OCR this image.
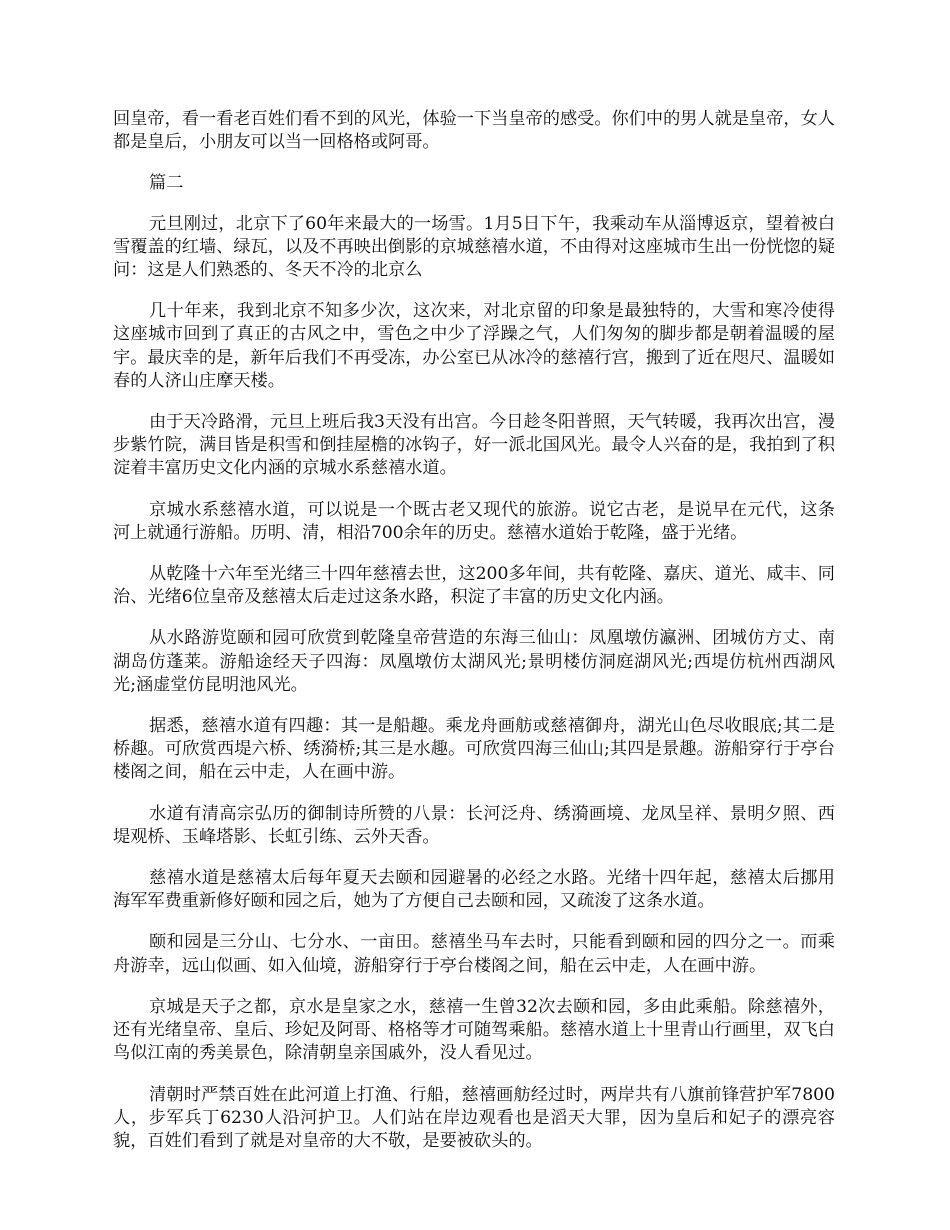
回皇帝，看一看老百姓们看不到的风光，体验一下当皇帝的感受。你们中的男人就是皇帝，女人都是皇后，小朋友可以当一回格格或阿哥。

篇二

元旦刚过，北京下了60年来最大的一场雪。1月5日下午，我乘动车从淄博返京，望着被白雪覆盖的红墙、绿瓦，以及不再映出倒影的京城慈禧水道，不由得对这座城市生出一份恍惚的疑问：这是人们熟悉的、冬天不冷的北京么

几十年来，我到北京不知多少次，这次来，对北京留的印象是最独特的，大雪和寒冷使得这座城市回到了真正的古风之中，雪色之中少了浮躁之气，人们匆匆的脚步都是朝着温暖的屋宇。最庆幸的是，新年后我们不再受冻，办公室已从冰冷的慈禧行宫，搬到了近在咫尺、温暖如春的人济山庄摩天楼。

由于天冷路滑，元旦上班后我3天没有出宫。今日趁冬阳普照，天气转暖，我再次出宫，漫步紫竹院，满目皆是积雪和倒挂屋檐的冰钩子，好一派北国风光。最令人兴奋的是，我拍到了积淀着丰富历史文化内涵的京城水系慈禧水道。

京城水系慈禧水道，可以说是一个既古老又现代的旅游。说它古老，是说早在元代，这条河上就通行游船。历明、清，相沿700余年的历史。慈禧水道始于乾隆，盛于光绪。

从乾隆十六年至光绪三十四年慈禧去世，这200多年间，共有乾隆、嘉庆、道光、咸丰、同治、光绪6位皇帝及慈禧太后走过这条水路，积淀了丰富的历史文化内涵。

从水路游览颐和园可欣赏到乾隆皇帝营造的东海三仙山：凤凰墩仿瀛洲、团城仿方丈、南湖岛仿蓬莱。游船途经天子四海：凤凰墩仿太湖风光;景明楼仿洞庭湖风光;西堤仿杭州西湖风光;涵虚堂仿昆明池风光。

据悉，慈禧水道有四趣：其一是船趣。乘龙舟画舫或慈禧御舟，湖光山色尽收眼底;其二是桥趣。可欣赏西堤六桥、绣漪桥;其三是水趣。可欣赏四海三仙山;其四是景趣。游船穿行于亭台楼阁之间，船在云中走，人在画中游。

水道有清高宗弘历的御制诗所赞的八景：长河泛舟、绣漪画境、龙凤呈祥、景明夕照、西堤观桥、玉峰塔影、长虹引练、云外天香。

慈禧水道是慈禧太后每年夏天去颐和园避暑的必经之水路。光绪十四年起，慈禧太后挪用海军军费重新修好颐和园之后，她为了方便自己去颐和园，又疏浚了这条水道。

颐和园是三分山、七分水、一亩田。慈禧坐马车去时，只能看到颐和园的四分之一。而乘舟游幸，远山似画、如入仙境，游船穿行于亭台楼阁之间，船在云中走，人在画中游。

京城是天子之都，京水是皇家之水，慈禧一生曾32次去颐和园，多由此乘船。除慈禧外，还有光绪皇帝、皇后、珍妃及阿哥、格格等才可随驾乘船。慈禧水道上十里青山行画里，双飞白鸟似江南的秀美景色，除清朝皇亲国戚外，没人看见过。

清朝时严禁百姓在此河道上打渔、行船，慈禧画舫经过时，两岸共有八旗前锋营护军7800人，步军兵丁6230人沿河护卫。人们站在岸边观看也是滔天大罪，因为皇后和妃子的漂亮容貌，百姓们看到了就是对皇帝的大不敬，是要被砍头的。
